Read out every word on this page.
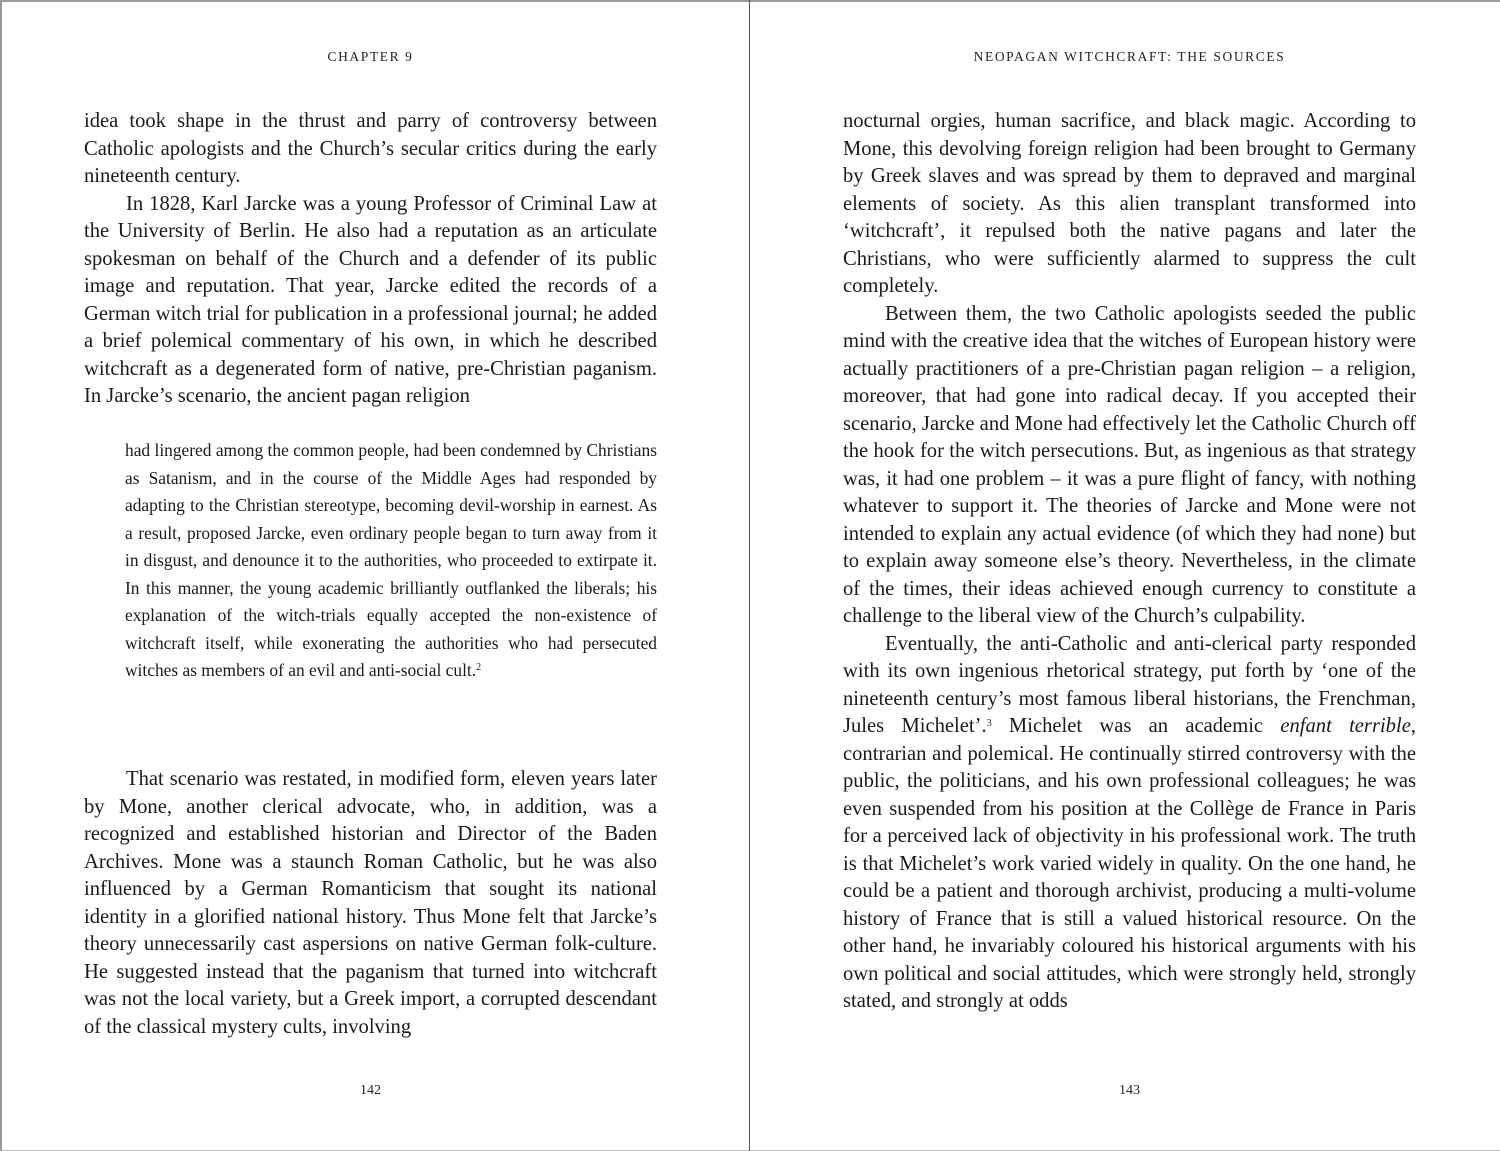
CHAPTER 9

idea took shape in the thrust and parry of controversy between Catholic apologists and the Church’s secular critics during the early nineteenth century.

In 1828, Karl Jarcke was a young Professor of Criminal Law at the University of Berlin. He also had a reputation as an articulate spokesman on behalf of the Church and a defender of its public image and reputation. That year, Jarcke edited the records of a German witch trial for publication in a professional journal; he added a brief polemical commentary of his own, in which he described witchcraft as a degenerated form of native, pre-Christian paganism. In Jarcke’s scenario, the ancient pagan religion

had lingered among the common people, had been condemned by Christians as Satanism, and in the course of the Middle Ages had responded by adapting to the Christian stereotype, becoming devil-worship in earnest. As a result, proposed Jarcke, even ordinary people began to turn away from it in disgust, and denounce it to the authorities, who proceeded to extirpate it. In this manner, the young academic brilliantly outflanked the liberals; his explanation of the witch-trials equally accepted the non-existence of witchcraft itself, while exonerating the authorities who had persecuted witches as members of an evil and anti-social cult.$^2$

That scenario was restated, in modified form, eleven years later by Mone, another clerical advocate, who, in addition, was a recognized and established historian and Director of the Baden Archives. Mone was a staunch Roman Catholic, but he was also influenced by a German Romanticism that sought its national identity in a glorified national history. Thus Mone felt that Jarcke’s theory unnecessarily cast aspersions on native German folk-culture. He suggested instead that the paganism that turned into witchcraft was not the local variety, but a Greek import, a corrupted descendant of the classical mystery cults, involving

142
NEOPAGAN WITCHCRAFT: THE SOURCES

nocturnal orgies, human sacrifice, and black magic. According to Mone, this devolving foreign religion had been brought to Germany by Greek slaves and was spread by them to depraved and marginal elements of society. As this alien transplant transformed into ‘witchcraft’, it repulsed both the native pagans and later the Christians, who were sufficiently alarmed to suppress the cult completely.

Between them, the two Catholic apologists seeded the public mind with the creative idea that the witches of European history were actually practitioners of a pre-Christian pagan religion – a religion, moreover, that had gone into radical decay. If you accepted their scenario, Jarcke and Mone had effectively let the Catholic Church off the hook for the witch persecutions. But, as ingenious as that strategy was, it had one problem – it was a pure flight of fancy, with nothing whatever to support it. The theories of Jarcke and Mone were not intended to explain any actual evidence (of which they had none) but to explain away someone else’s theory. Nevertheless, in the climate of the times, their ideas achieved enough currency to constitute a challenge to the liberal view of the Church’s culpability.

Eventually, the anti-Catholic and anti-clerical party responded with its own ingenious rhetorical strategy, put forth by ‘one of the nineteenth century’s most famous liberal historians, the Frenchman, Jules Michelet’.$^3$ Michelet was an academic enfant terrible, contrarian and polemical. He continually stirred controversy with the public, the politicians, and his own professional colleagues; he was even suspended from his position at the Collège de France in Paris for a perceived lack of objectivity in his professional work. The truth is that Michelet’s work varied widely in quality. On the one hand, he could be a patient and thorough archivist, producing a multi-volume history of France that is still a valued historical resource. On the other hand, he invariably coloured his historical arguments with his own political and social attitudes, which were strongly held, strongly stated, and strongly at odds

143
